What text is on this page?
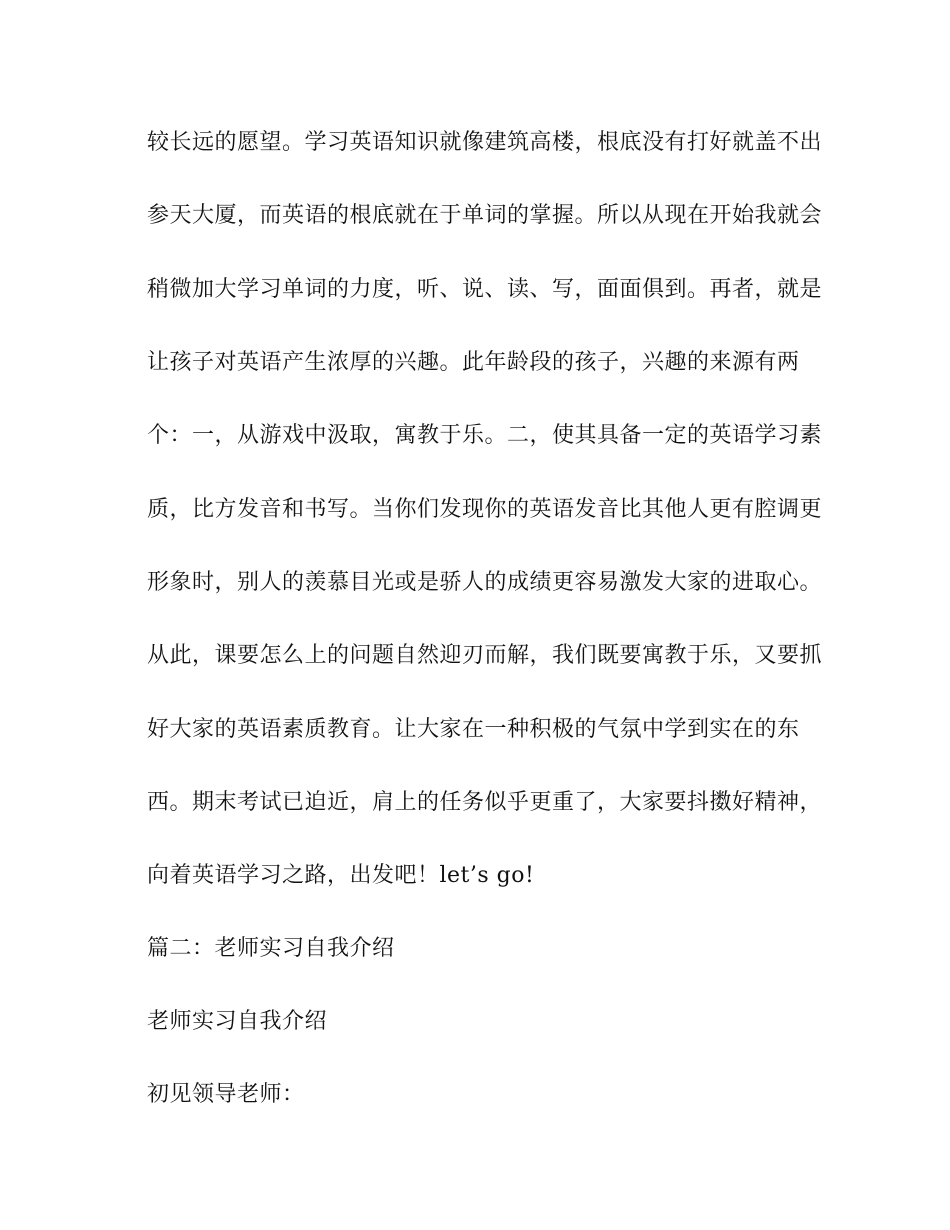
较长远的愿望。学习英语知识就像建筑高楼，根底没有打好就盖不出
参天大厦，而英语的根底就在于单词的掌握。所以从现在开始我就会
稍微加大学习单词的力度，听、说、读、写，面面俱到。再者，就是
让孩子对英语产生浓厚的兴趣。此年龄段的孩子，兴趣的来源有两
个：一，从游戏中汲取，寓教于乐。二，使其具备一定的英语学习素
质，比方发音和书写。当你们发现你的英语发音比其他人更有腔调更
形象时，别人的羡慕目光或是骄人的成绩更容易激发大家的进取心。
从此，课要怎么上的问题自然迎刃而解，我们既要寓教于乐，又要抓
好大家的英语素质教育。让大家在一种积极的气氛中学到实在的东
西。期末考试已迫近，肩上的任务似乎更重了，大家要抖擞好精神，
向着英语学习之路，出发吧！let’s go!
篇二：老师实习自我介绍
老师实习自我介绍
初见领导老师：
